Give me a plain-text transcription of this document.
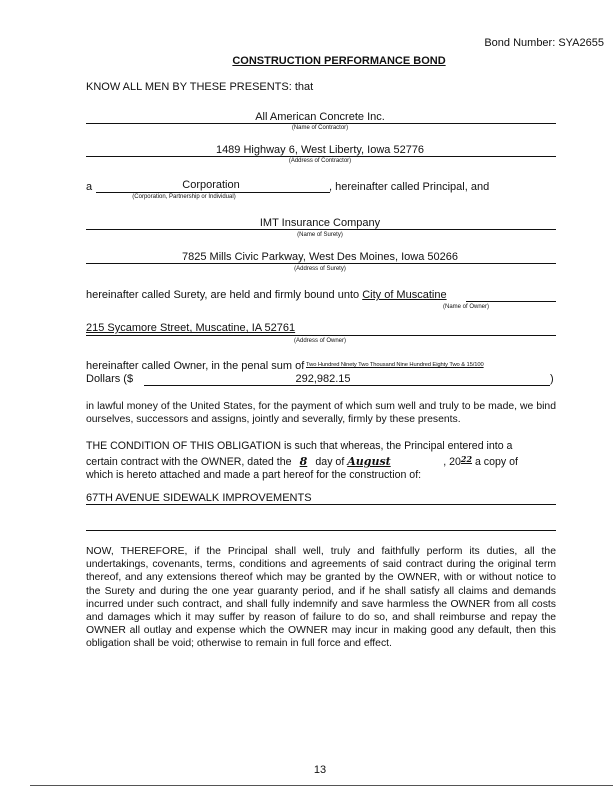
Bond Number: SYA2655
CONSTRUCTION PERFORMANCE BOND
KNOW ALL MEN BY THESE PRESENTS: that
All American Concrete Inc.
(Name of Contractor)
1489 Highway 6, West Liberty, Iowa 52776
(Address of Contractor)
a	Corporation	, hereinafter called Principal, and
(Corporation, Partnership or Individual)
IMT Insurance Company
(Name of Surety)
7825 Mills Civic Parkway, West Des Moines, Iowa 50266
(Address of Surety)
hereinafter called Surety, are held and firmly bound unto City of Muscatine
(Name of Owner)
215 Sycamore Street, Muscatine, IA 52761
(Address of Owner)
hereinafter called Owner, in the penal sum of Two Hundred Ninety Two Thousand Nine Hundred Eighty Two & 15/100
Dollars ($	292,982.15	)
in lawful money of the United States, for the payment of which sum well and truly to be made, we bind ourselves, successors and assigns, jointly and severally, firmly by these presents.
THE CONDITION OF THIS OBLIGATION is such that whereas, the Principal entered into a
certain contract with the OWNER, dated the 8 day of August	, $20^{22}$ a copy of
which is hereto attached and made a part hereof for the construction of:
67TH AVENUE SIDEWALK IMPROVEMENTS
NOW, THEREFORE, if the Principal shall well, truly and faithfully perform its duties, all the undertakings, covenants, terms, conditions and agreements of said contract during the original term thereof, and any extensions thereof which may be granted by the OWNER, with or without notice to the Surety and during the one year guaranty period, and if he shall satisfy all claims and demands incurred under such contract, and shall fully indemnify and save harmless the OWNER from all costs and damages which it may suffer by reason of failure to do so, and shall reimburse and repay the OWNER all outlay and expense which the OWNER may incur in making good any default, then this obligation shall be void; otherwise to remain in full force and effect.
13
